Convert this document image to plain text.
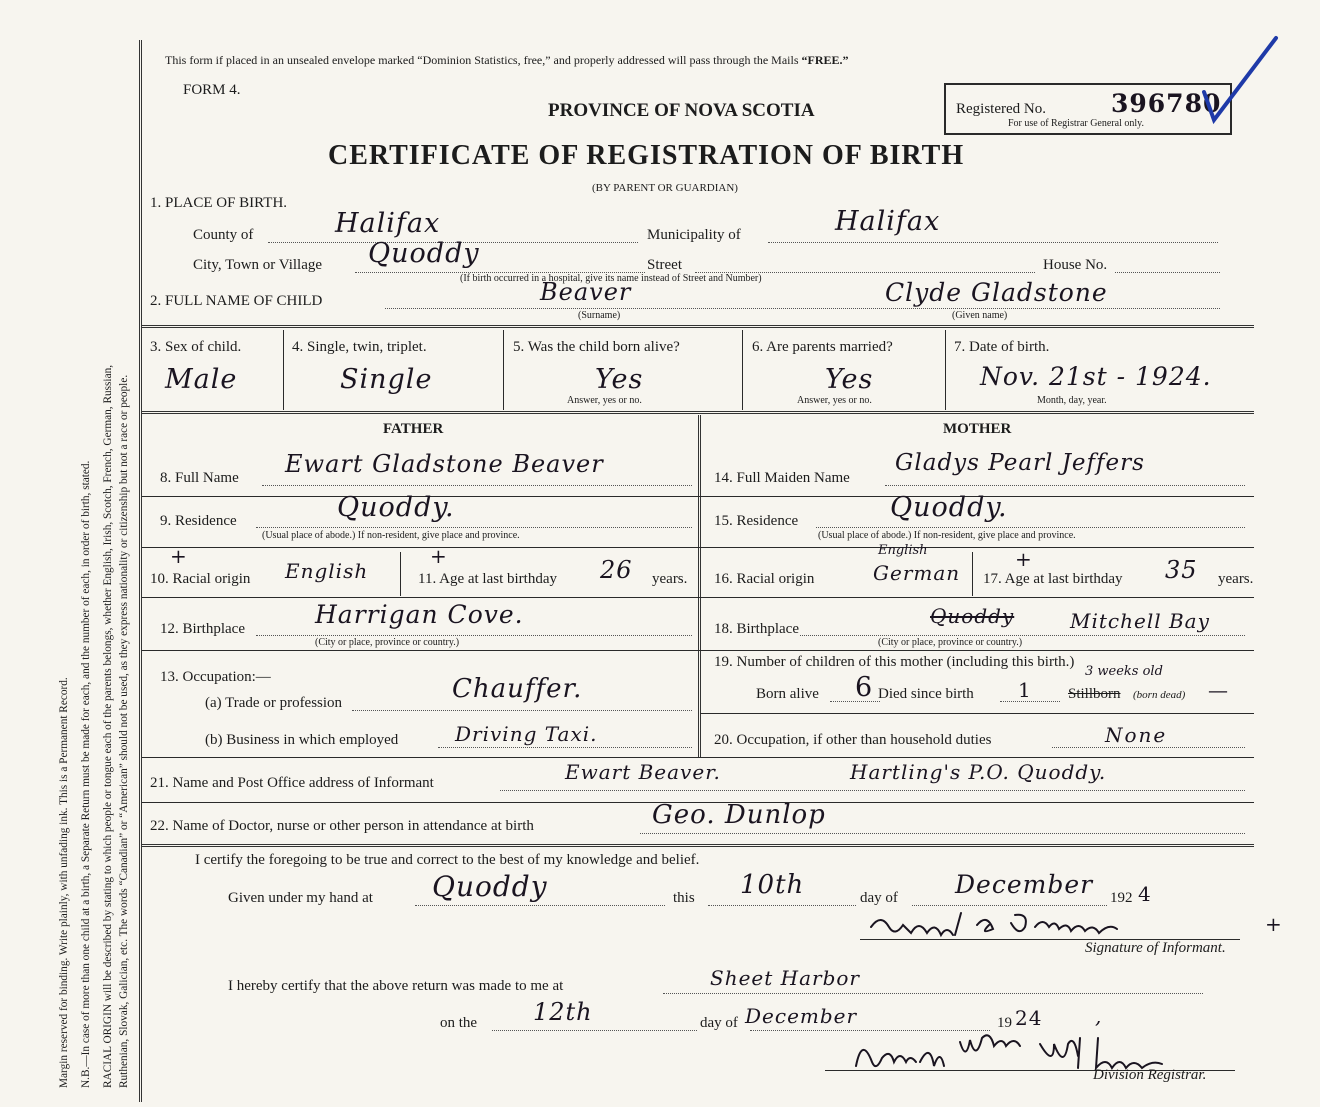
Margin reserved for binding. Write plainly, with unfading ink. This is a Permanent Record. N.B.—In case of more than one child at a birth, a Separate Return must be made for each, and the number of each, in order of birth, stated. RACIAL ORIGIN will be described by stating to which people or tongue each of the parents belongs, whether English, Irish, Scotch, French, German, Russian, Ruthenian, Slovak, Galician, etc. The words “Canadian” or “American” should not be used, as they express nationality or citizenship but not a race or people.
This form if placed in an unsealed envelope marked “Dominion Statistics, free,” and properly addressed will pass through the Mails “FREE.”
FORM 4.
PROVINCE OF NOVA SCOTIA
CERTIFICATE OF REGISTRATION OF BIRTH
(BY PARENT OR GUARDIAN)
Registered No.	396780
For use of Registrar General only.
1. PLACE OF BIRTH.
County of	Halifax	Municipality of	Halifax
City, Town or Village Quoddy	Street	House No.
(If birth occurred in a hospital, give its name instead of Street and Number)
2. FULL NAME OF CHILD	Beaver	Clyde Gladstone
(Surname)	(Given name)
3. Sex of child.
Male
4. Single, twin, triplet.
Single
5. Was the child born alive?
Yes
Answer, yes or no.
6. Are parents married?
Yes
Answer, yes or no.
7. Date of birth.
Nov. 21st - 1924.
Month, day, year.
FATHER	MOTHER
8. Full Name Ewart Gladstone Beaver	14. Full Maiden Name
Gladys Pearl Jeffers
9. Residence	Quoddy.
(Usual place of abode.) If non-resident, give place and province.
15. Residence	Quoddy.
(Usual place of abode.) If non-resident, give place and province.
+	+
10. Racial origin English	11. Age at last birthday 26 years.
English	+
16. Racial origin	German 17. Age at last birthday 35 years.
12. Birthplace	Harrigan Cove.
(City or place, province or country.)
18. Birthplace
Quoddy	Mitchell Bay
(City or place, province or country.)
13. Occupation:—
(a) Trade or profession	Chauffer.
(b) Business in which employed	Driving Taxi.
19. Number of children of this mother (including this birth.)
Born alive 6 Died since birth 1
3 weeks old
Stillborn (born dead) —
20. Occupation, if other than household duties	None
21. Name and Post Office address of Informant	Ewart Beaver.	Hartling's P.O. Quoddy.
22. Name of Doctor, nurse or other person in attendance at birth	Geo. Dunlop
I certify the foregoing to be true and correct to the best of my knowledge and belief.
Given under my hand at Quoddy	this 10th	day of December 192 4
+
Signature of Informant.
I hereby certify that the above return was made to me at	Sheet Harbor
on the 12th	day of December	19 24	,
Division Registrar.
